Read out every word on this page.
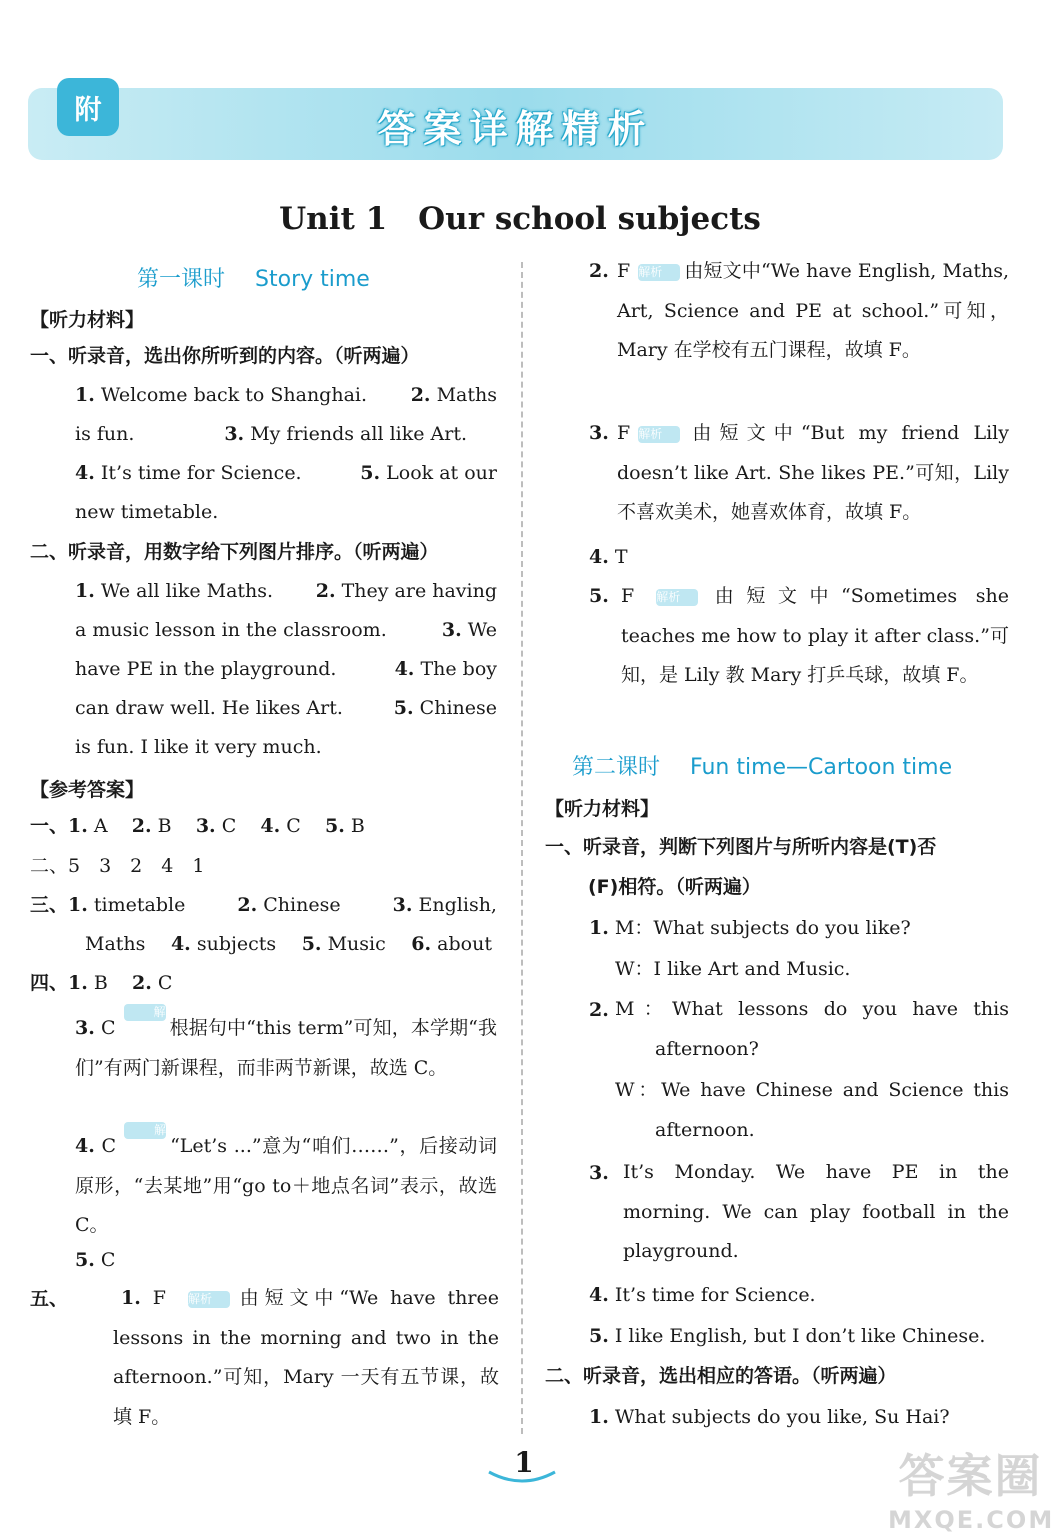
附	答案详解精析
Unit 1　Our school subjects
第一课时 Story time
【听力材料】
一、听录音，选出你所听到的内容。（听两遍）
1. Welcome back to Shanghai. 2. Maths
is fun.	3. My friends all like Art.
4. It’s time for Science.	5. Look at our
new timetable.
二、听录音，用数字给下列图片排序。（听两遍）
1. We all like Maths. 2. They are having
a music lesson in the classroom.	3. We
have PE in the playground.	4. The boy
can draw well. He likes Art.	5. Chinese
is fun. I like it very much.
【参考答案】
一、1. A 2. B 3. C 4. C 5. B
二、5　3　2　4　1
三、1. timetable	2. Chinese	3. English,
Maths 4. subjects 5. Music 6. about
四、1. B 2. C
3. C解析 根据句中“this term”可知，本学期“我们”有两门新课程，而非两节新课，故选 C。
4. C解析 “Let’s ...”意为“咱们……”，后接动词原形，“去某地”用“go to＋地点名词”表示，故选 C。
5. C
五、	1. F 解析 由短文中“We have three lessons in the morning and two in the afternoon.”可知，Mary 一天有五节课，故填 F。
2. F 解析 由短文中“We have English, Maths, Art, Science and PE at school.”可知，Mary 在学校有五门课程，故填 F。
3. F 解析 由短文中“But my friend Lily doesn’t like Art. She likes PE.”可知，Lily 不喜欢美术，她喜欢体育，故填 F。
4. T
5. F 解析 由短文中“Sometimes she teaches me how to play it after class.”可知，是 Lily 教 Mary 打乒乓球，故填 F。
第二课时 Fun time—Cartoon time
【听力材料】
一、听录音，判断下列图片与所听内容是(T)否
(F)相符。（听两遍）
1. M：What subjects do you like?
W：I like Art and Music.
2. M：What lessons do you have this afternoon?
W：We have Chinese and Science this afternoon.
3. It’s Monday. We have PE in the morning. We can play football in the playground.
4. It’s time for Science.
5. I like English, but I don’t like Chinese.
二、听录音，选出相应的答语。（听两遍）
1. What subjects do you like, Su Hai?
1	答案圈
MXQE.COM
